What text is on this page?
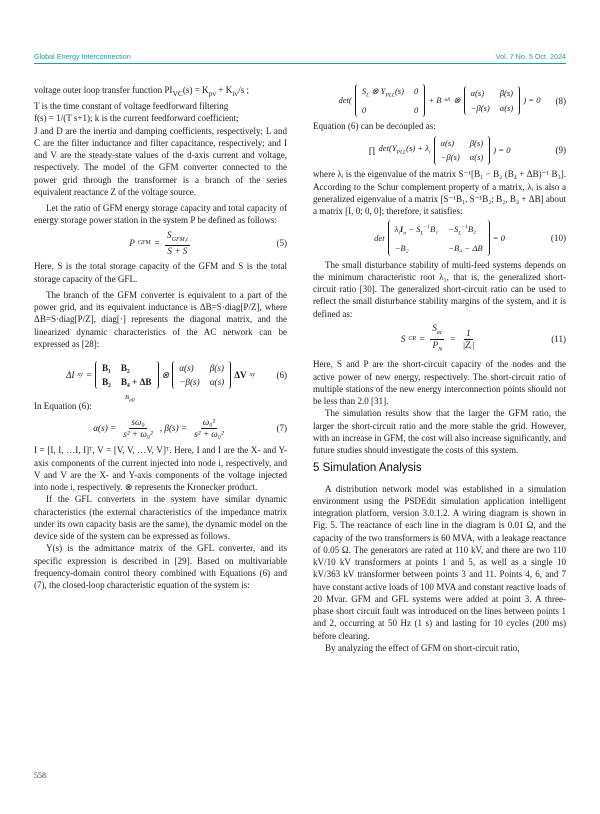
Global Energy Interconnection	Vol. 7 No. 5 Oct. 2024

voltage outer loop transfer function $PI_{VC}(s) = K_{pv} + K_{iv}/s$ ;

T is the time constant of voltage feedforward filtering

f(s) = 1/(T s+1); k is the current feedforward coefficient;

J and D are the inertia and damping coefficients, respectively; L and C are the filter inductance and filter capacitance, respectively; and I and V are the steady-state values of the d-axis current and voltage, respectively. The model of the GFM converter connected to the power grid through the transformer is a branch of the series equivalent reactance Z of the voltage source.

Let the ratio of GFM energy storage capacity and total capacity of energy storage power station in the system P be defined as follows:

P GFM = $\frac{S_{GFM,t}}{S + S}$	(5)

Here, S is the total storage capacity of the GFM and S is the total storage capacity of the GFL.

The branch of the GFM converter is equivalent to a part of the power grid, and its equivalent inductance is ΔB=S·diag[P/Z], where ΔB=S·diag[P/Z], diag[·] represents the diagonal matrix, and the linearized dynamic characteristics of the AC network can be expressed as [28]:

ΔI xy =
B₁ B₂
B₂ B₄ + ΔB
$B_{all}$
⊗
α(s)	β(s)
−β(s) α(s)
ΔV xy (6)

In Equation (6):

$\alpha(s) = \frac{\text{sω₀}}{\text{s² + ω₀²}}$ , $\beta(s) = \frac{\text{ω₀²}}{\text{s² + ω₀²}}$	(7)

I = [I, I, …I, I]ᵀ, V = [V, V, …V, V]ᵀ. Here, I and I are the X- and Y-axis components of the current injected into node i, respectively, and V and V are the X- and Y-axis components of the voltage injected into node i, respectively. ⊗ represents the Kronecker product.

If the GFL converters in the system have similar dynamic characteristics (the external characteristics of the impedance matrix under its own capacity basis are the same), the dynamic model on the device side of the system can be expressed as follows.

Y(s) is the admittance matrix of the GFL converter, and its specific expression is described in [29]. Based on multivariable frequency-domain control theory combined with Equations (6) and (7), the closed-loop characteristic equation of the system is:

det(
$S_L$ ⊗ $Y_{PLL}(s)$ 0
0	0
+ B all ⊗
α(s)	β(s)
−β(s) α(s)
) = 0 (8)

Equation (6) can be decoupled as:

∏ $\det(Y_{PLL}(s) + \lambda_i$
α(s)	β(s)
−β(s) α(s)
) = 0	(9)

where λᵢ is the eigenvalue of the matrix S⁻¹[B₁ − B₂ (B₄ + ΔB)⁻¹ B₃]. According to the Schur complement property of a matrix, λᵢ is also a generalized eigenvalue of a matrix [S⁻¹B₁, S⁻¹B₂; B₂, B₄ + ΔB] about a matrix [I, 0; 0, 0]; therefore, it satisfies:

det
$\lambda_iI_n - S_L^{-1}B_1 -S_L^{-1}B_2$
−B₂	−B₄ − ΔB
= 0	(10)

The small disturbance stability of multi-feed systems depends on the minimum characteristic root λ₁, that is, the generalized short-circuit ratio [30]. The generalized short-circuit ratio can be used to reflect the small disturbance stability margins of the system, and it is defined as:

S CR = $\frac{S_{ac}}{P_N} = \frac{1}{\text{|Zᵢ|}}$	(11)

Here, S and P are the short-circuit capacity of the nodes and the active power of new energy, respectively. The short-circuit ratio of multiple stations of the new energy interconnection points should not be less than 2.0 [31].

The simulation results show that the larger the GFM ratio, the larger the short-circuit ratio and the more stable the grid. However, with an increase in GFM, the cost will also increase significantly, and future studies should investigate the costs of this system.

5 Simulation Analysis

A distribution network model was established in a simulation environment using the PSDEdit simulation application intelligent integration platform, version 3.0.1.2. A wiring diagram is shown in Fig. 5. The reactance of each line in the diagram is 0.01 Ω, and the capacity of the two transformers is 60 MVA, with a leakage reactance of 0.05 Ω. The generators are rated at 110 kV, and there are two 110 kV/10 kV transformers at points 1 and 5, as well as a single 10 kV/363 kV transformer between points 3 and 11. Points 4, 6, and 7 have constant active loads of 100 MVA and constant reactive loads of 20 Mvar. GFM and GFL systems were added at point 3. A three-phase short circuit fault was introduced on the lines between points 1 and 2, occurring at 50 Hz (1 s) and lasting for 10 cycles (200 ms) before clearing.

By analyzing the effect of GFM on short-circuit ratio,

558
